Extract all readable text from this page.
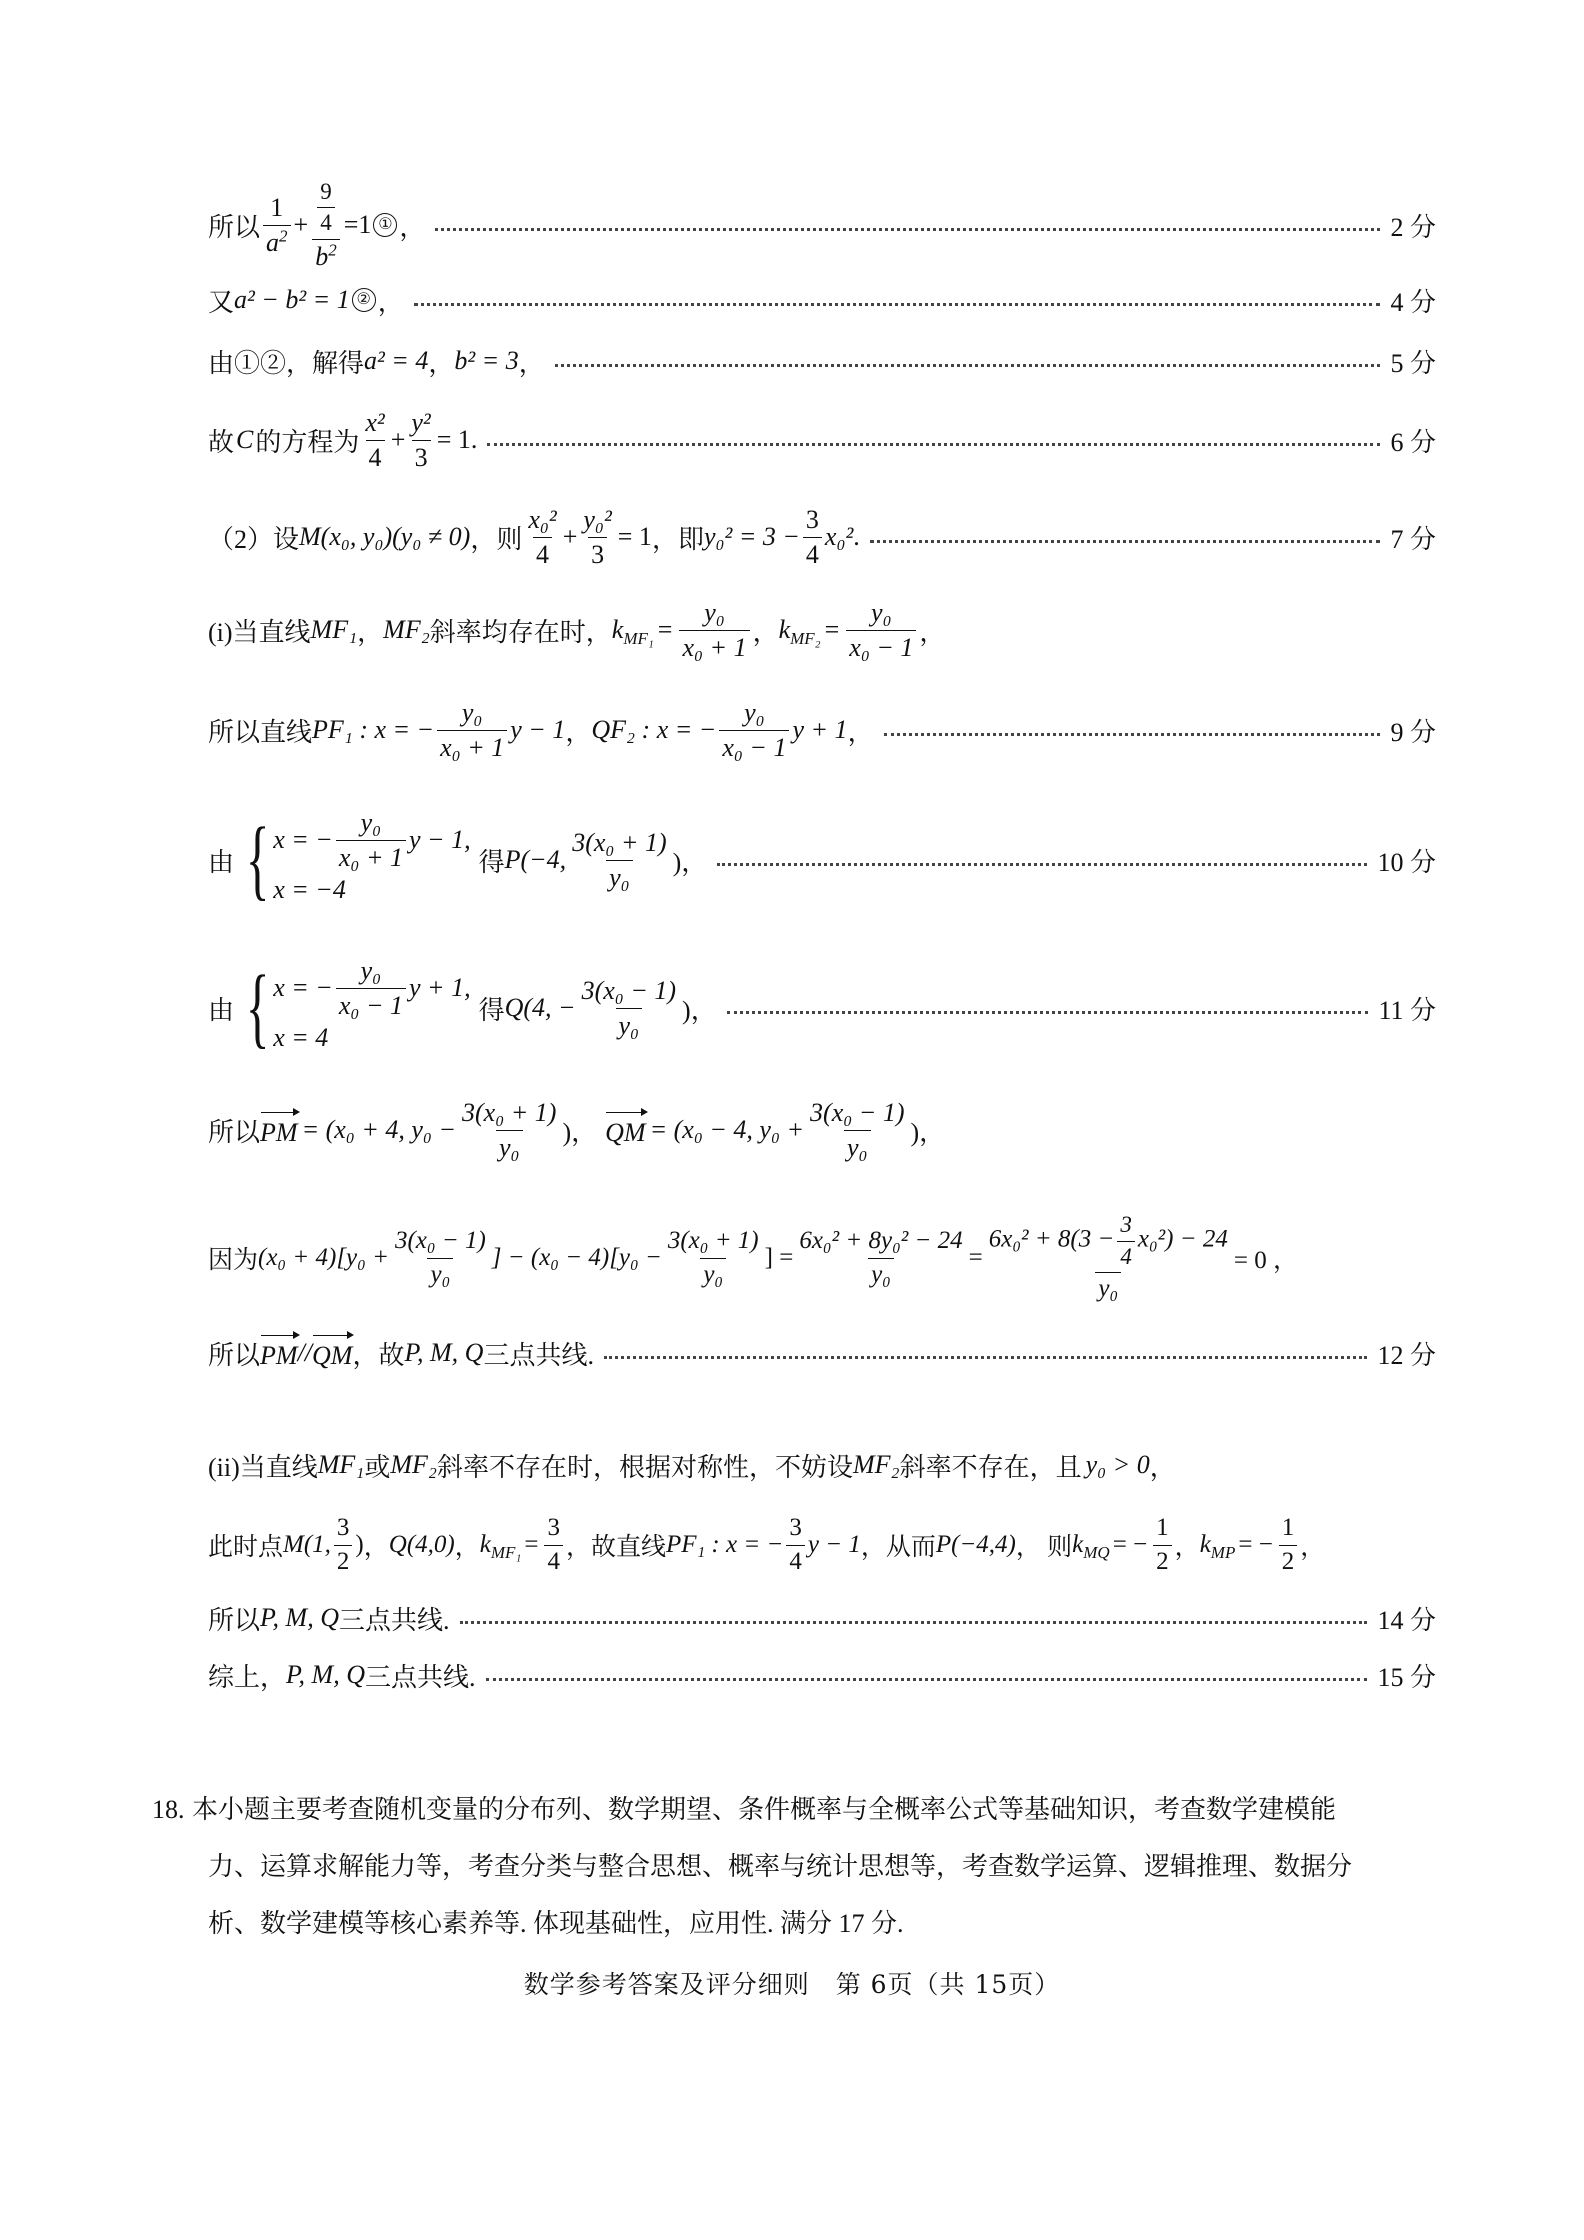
所以 $\frac{1}{a^2} + \frac{\frac{9}{4}}{b^2} =1$ ① ，	2 分
又 a² − b² = 1 ② ，	4 分
由①②，解得 a² = 4 ， b² = 3 ，	5 分
故 C 的方程为 $\frac{\text{x²}}{4} + \frac{\text{y²}}{3} = 1$ .	6 分
（2）设 M(x₀, y₀)(y₀ ≠ 0) ，则 $\frac{\text{x₀²}}{4} + \frac{\text{y₀²}}{3} = 1$ ，即 $y_0^2 = 3 - \frac{3}{4} x_0^2$ .	7 分
(i)当直线 MF₁ ， MF₂ 斜率均存在时， $k_{MF_1} = \frac{\text{y₀}}{\text{x₀ + 1}}$ ， $k_{MF_2} = \frac{\text{y₀}}{\text{x₀ − 1}}$ ，
所以直线 PF₁ : x = − $\frac{\text{y₀}}{\text{x₀ + 1}}$ y − 1 ， QF₂ : x = − $\frac{\text{y₀}}{\text{x₀ − 1}}$ y + 1 ，	9 分
由 { x = − $\frac{\text{y₀}}{\text{x₀ + 1}}$ y − 1,
x = −4
得 P(−4, $\frac{\text{3(x₀ + 1)}}{\text{y₀}}$ )，	10 分
由 { x = − $\frac{\text{y₀}}{\text{x₀ − 1}}$ y + 1,
x = 4
得 Q(4, − $\frac{\text{3(x₀ − 1)}}{\text{y₀}}$ )，	11 分
所以 PM = (x₀ + 4, $y_0 - \frac{\text{3(x₀ + 1)}}{\text{y₀}}$ )， QM = (x₀ − 4, $y_0 + \frac{\text{3(x₀ − 1)}}{\text{y₀}}$ )，
因为 $(x_0 + 4)[y_0 + \frac{\text{3(x₀ − 1)}}{\text{y₀}}$ ] − $(x_0 - 4)[y_0 - \frac{\text{3(x₀ + 1)}}{\text{y₀}}$ ] = $\frac{\text{6x₀² + 8y₀² − 24}}{\text{y₀}} = \frac{6x_0^2 + 8(3 - \frac{3}{4} x_0^2) - 24}{\text{y₀}} = 0$ ，
所以 PM // QM ，故 P, M, Q 三点共线.	12 分
(ii)当直线 MF₁ 或 MF₂ 斜率不存在时，根据对称性，不妨设 MF₂ 斜率不存在，且 y₀ > 0 ，
此时点 M(1, $\frac{3}{2}$ ) ， Q(4,0) ， $k_{MF_1} = \frac{3}{4}$ ，故直线 PF₁ : x = − $\frac{3}{4}$ y − 1 ，从而 P(−4,4) ， 则 $k_{MQ}$ = − $\frac{1}{2}$ ， $k_{MP}$ = − $\frac{1}{2}$ ，
所以 P, M, Q 三点共线.	14 分
综上， P, M, Q 三点共线.	15 分
18. 本小题主要考查随机变量的分布列、数学期望、条件概率与全概率公式等基础知识，考查数学建模能
力、运算求解能力等，考查分类与整合思想、概率与统计思想等，考查数学运算、逻辑推理、数据分
析、数学建模等核心素养等. 体现基础性，应用性. 满分 17 分.
数学参考答案及评分细则　第 6页（共 15页）
